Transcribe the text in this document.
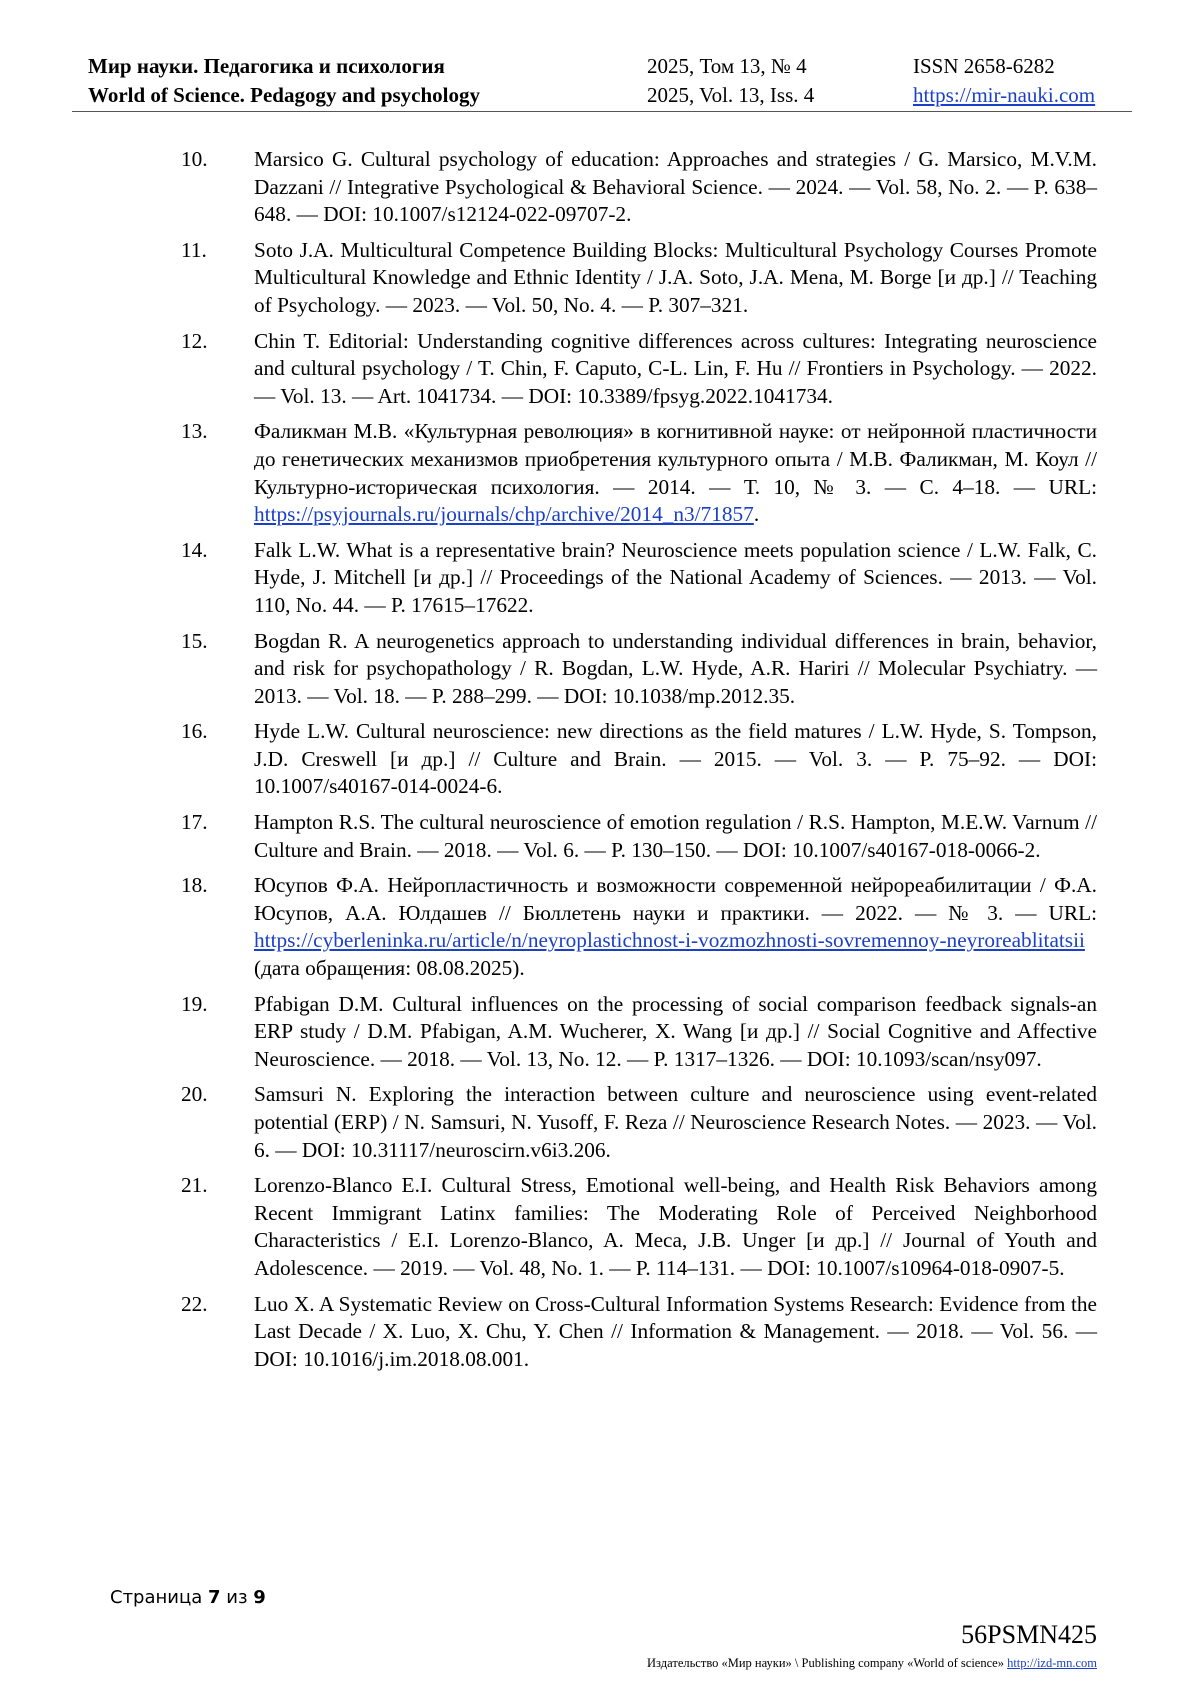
Мир науки. Педагогика и психология
World of Science. Pedagogy and psychology
2025, Том 13, № 4
2025, Vol. 13, Iss. 4
ISSN 2658-6282
https://mir-nauki.com
10. Marsico G. Cultural psychology of education: Approaches and strategies / G. Marsico, M.V.M. Dazzani // Integrative Psychological & Behavioral Science. — 2024. — Vol. 58, No. 2. — P. 638–648. — DOI: 10.1007/s12124-022-09707-2.
11. Soto J.A. Multicultural Competence Building Blocks: Multicultural Psychology Courses Promote Multicultural Knowledge and Ethnic Identity / J.A. Soto, J.A. Mena, M. Borge [и др.] // Teaching of Psychology. — 2023. — Vol. 50, No. 4. — P. 307–321.
12. Chin T. Editorial: Understanding cognitive differences across cultures: Integrating neuroscience and cultural psychology / T. Chin, F. Caputo, C-L. Lin, F. Hu // Frontiers in Psychology. — 2022. — Vol. 13. — Art. 1041734. — DOI: 10.3389/fpsyg.2022.1041734.
13. Фаликман М.В. «Культурная революция» в когнитивной науке: от нейронной пластичности до генетических механизмов приобретения культурного опыта / М.В. Фаликман, М. Коул // Культурно-историческая психология. — 2014. — Т. 10, № 3. — С. 4–18. — URL: https://psyjournals.ru/journals/chp/archive/2014_n3/71857.
14. Falk L.W. What is a representative brain? Neuroscience meets population science / L.W. Falk, C. Hyde, J. Mitchell [и др.] // Proceedings of the National Academy of Sciences. — 2013. — Vol. 110, No. 44. — P. 17615–17622.
15. Bogdan R. A neurogenetics approach to understanding individual differences in brain, behavior, and risk for psychopathology / R. Bogdan, L.W. Hyde, A.R. Hariri // Molecular Psychiatry. — 2013. — Vol. 18. — P. 288–299. — DOI: 10.1038/mp.2012.35.
16. Hyde L.W. Cultural neuroscience: new directions as the field matures / L.W. Hyde, S. Tompson, J.D. Creswell [и др.] // Culture and Brain. — 2015. — Vol. 3. — P. 75–92. — DOI: 10.1007/s40167-014-0024-6.
17. Hampton R.S. The cultural neuroscience of emotion regulation / R.S. Hampton, M.E.W. Varnum // Culture and Brain. — 2018. — Vol. 6. — P. 130–150. — DOI: 10.1007/s40167-018-0066-2.
18. Юсупов Ф.А. Нейропластичность и возможности современной нейрореабилитации / Ф.А. Юсупов, А.А. Юлдашев // Бюллетень науки и практики. — 2022. — № 3. — URL: https://cyberleninka.ru/article/n/neyroplastichnost-i-vozmozhnosti-sovremennoy-neyroreablitatsii (дата обращения: 08.08.2025).
19. Pfabigan D.M. Cultural influences on the processing of social comparison feedback signals-an ERP study / D.M. Pfabigan, A.M. Wucherer, X. Wang [и др.] // Social Cognitive and Affective Neuroscience. — 2018. — Vol. 13, No. 12. — P. 1317–1326. — DOI: 10.1093/scan/nsy097.
20. Samsuri N. Exploring the interaction between culture and neuroscience using event-related potential (ERP) / N. Samsuri, N. Yusoff, F. Reza // Neuroscience Research Notes. — 2023. — Vol. 6. — DOI: 10.31117/neuroscirn.v6i3.206.
21. Lorenzo-Blanco E.I. Cultural Stress, Emotional well-being, and Health Risk Behaviors among Recent Immigrant Latinx families: The Moderating Role of Perceived Neighborhood Characteristics / E.I. Lorenzo-Blanco, A. Meca, J.B. Unger [и др.] // Journal of Youth and Adolescence. — 2019. — Vol. 48, No. 1. — P. 114–131. — DOI: 10.1007/s10964-018-0907-5.
22. Luo X. A Systematic Review on Cross-Cultural Information Systems Research: Evidence from the Last Decade / X. Luo, X. Chu, Y. Chen // Information & Management. — 2018. — Vol. 56. — DOI: 10.1016/j.im.2018.08.001.
Страница 7 из 9
56PSMN425
Издательство «Мир науки» \ Publishing company «World of science» http://izd-mn.com
